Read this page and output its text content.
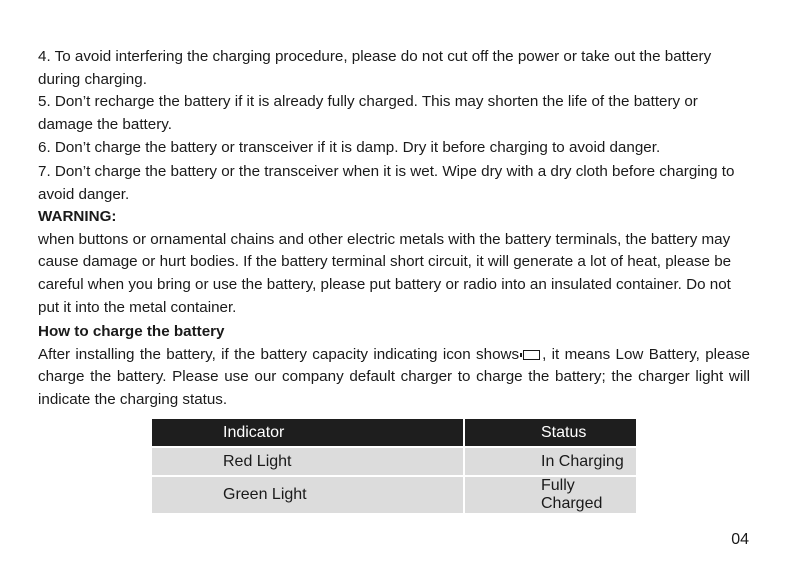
4. To avoid interfering the charging procedure, please do not cut off the power or take out the battery during charging.

5. Don’t recharge the battery if it is already fully charged. This may shorten the life of the battery or damage the battery.

6. Don’t charge the battery or transceiver if it is damp. Dry it before charging to avoid danger.

7. Don’t charge the battery or the transceiver when it is wet. Wipe dry with a dry cloth before charging to avoid danger.

WARNING:

when buttons or ornamental chains and other electric metals with the battery terminals, the battery may cause damage or hurt bodies. If the battery terminal short circuit, it will generate a lot of heat, please be careful when you bring or use the battery, please put battery or radio into an insulated container. Do not put it into the metal container.

How to charge the battery

After installing the battery, if the battery capacity indicating icon shows , it means Low Battery, please charge the battery. Please use our company default charger to charge the battery; the charger light will indicate the charging status.

Indicator	Status
Red Light	In Charging
Green Light	Fully Charged
04
